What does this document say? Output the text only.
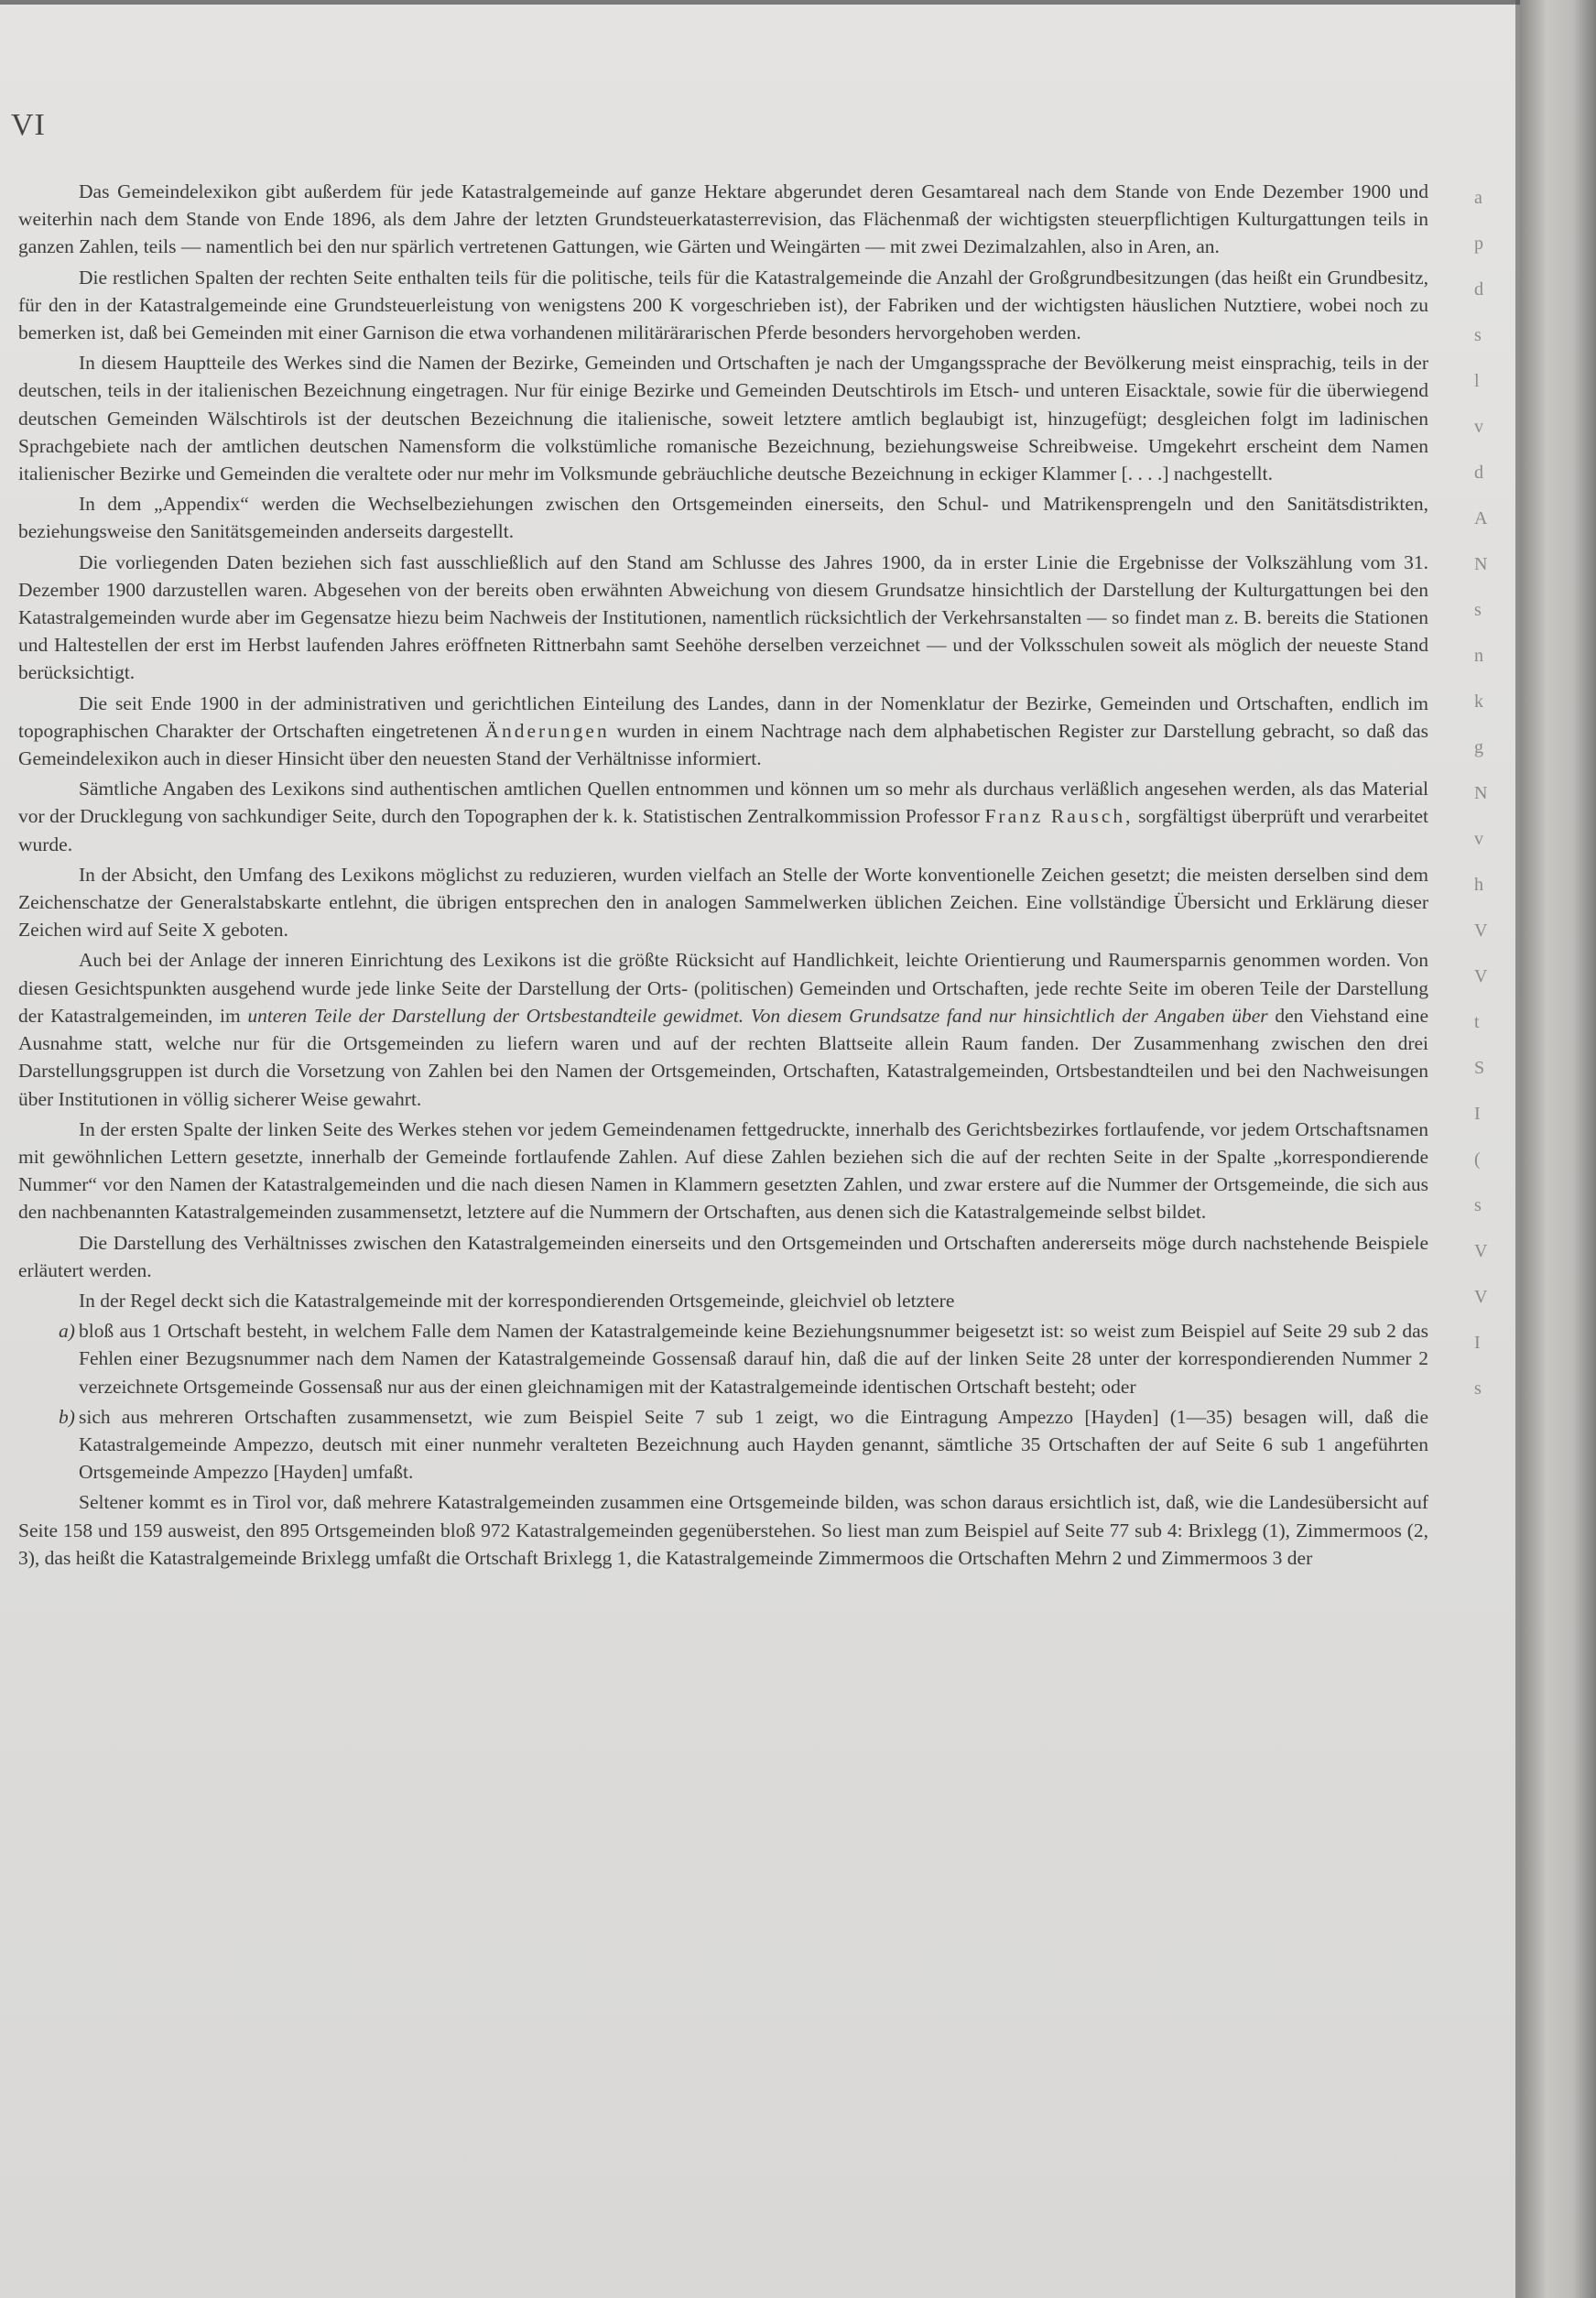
VI

Das Gemeindelexikon gibt außerdem für jede Katastralgemeinde auf ganze Hektare abgerundet deren Gesamtareal nach dem Stande von Ende Dezember 1900 und weiterhin nach dem Stande von Ende 1896, als dem Jahre der letzten Grundsteuerkatasterrevision, das Flächenmaß der wichtigsten steuerpflichtigen Kulturgattungen teils in ganzen Zahlen, teils — namentlich bei den nur spärlich vertretenen Gattungen, wie Gärten und Weingärten — mit zwei Dezimalzahlen, also in Aren, an.

Die restlichen Spalten der rechten Seite enthalten teils für die politische, teils für die Katastralgemeinde die Anzahl der Großgrundbesitzungen (das heißt ein Grundbesitz, für den in der Katastralgemeinde eine Grundsteuerleistung von wenigstens 200 K vorgeschrieben ist), der Fabriken und der wichtigsten häuslichen Nutztiere, wobei noch zu bemerken ist, daß bei Gemeinden mit einer Garnison die etwa vorhandenen militärärarischen Pferde besonders hervorgehoben werden.

In diesem Hauptteile des Werkes sind die Namen der Bezirke, Gemeinden und Ortschaften je nach der Umgangssprache der Bevölkerung meist einsprachig, teils in der deutschen, teils in der italienischen Bezeichnung eingetragen. Nur für einige Bezirke und Gemeinden Deutschtirols im Etsch- und unteren Eisacktale, sowie für die überwiegend deutschen Gemeinden Wälschtirols ist der deutschen Bezeichnung die italienische, soweit letztere amtlich beglaubigt ist, hinzugefügt; desgleichen folgt im ladinischen Sprachgebiete nach der amtlichen deutschen Namensform die volkstümliche romanische Bezeichnung, beziehungsweise Schreibweise. Umgekehrt erscheint dem Namen italienischer Bezirke und Gemeinden die veraltete oder nur mehr im Volksmunde gebräuchliche deutsche Bezeichnung in eckiger Klammer [. . . .] nachgestellt.

In dem „Appendix“ werden die Wechselbeziehungen zwischen den Ortsgemeinden einerseits, den Schul- und Matrikensprengeln und den Sanitätsdistrikten, beziehungsweise den Sanitätsgemeinden anderseits dargestellt.

Die vorliegenden Daten beziehen sich fast ausschließlich auf den Stand am Schlusse des Jahres 1900, da in erster Linie die Ergebnisse der Volkszählung vom 31. Dezember 1900 darzustellen waren. Abgesehen von der bereits oben erwähnten Abweichung von diesem Grundsatze hinsichtlich der Darstellung der Kulturgattungen bei den Katastralgemeinden wurde aber im Gegensatze hiezu beim Nachweis der Institutionen, namentlich rücksichtlich der Verkehrsanstalten — so findet man z. B. bereits die Stationen und Haltestellen der erst im Herbst laufenden Jahres eröffneten Rittnerbahn samt Seehöhe derselben verzeichnet — und der Volksschulen soweit als möglich der neueste Stand berücksichtigt.

Die seit Ende 1900 in der administrativen und gerichtlichen Einteilung des Landes, dann in der Nomenklatur der Bezirke, Gemeinden und Ortschaften, endlich im topographischen Charakter der Ortschaften eingetretenen Änderungen wurden in einem Nachtrage nach dem alphabetischen Register zur Darstellung gebracht, so daß das Gemeindelexikon auch in dieser Hinsicht über den neuesten Stand der Verhältnisse informiert.

Sämtliche Angaben des Lexikons sind authentischen amtlichen Quellen entnommen und können um so mehr als durchaus verläßlich angesehen werden, als das Material vor der Drucklegung von sachkundiger Seite, durch den Topographen der k. k. Statistischen Zentralkommission Professor Franz Rausch, sorgfältigst überprüft und verarbeitet wurde.

In der Absicht, den Umfang des Lexikons möglichst zu reduzieren, wurden vielfach an Stelle der Worte konventionelle Zeichen gesetzt; die meisten derselben sind dem Zeichenschatze der Generalstabskarte entlehnt, die übrigen entsprechen den in analogen Sammelwerken üblichen Zeichen. Eine vollständige Übersicht und Erklärung dieser Zeichen wird auf Seite X geboten.

Auch bei der Anlage der inneren Einrichtung des Lexikons ist die größte Rücksicht auf Handlichkeit, leichte Orientierung und Raumersparnis genommen worden. Von diesen Gesichtspunkten ausgehend wurde jede linke Seite der Darstellung der Orts- (politischen) Gemeinden und Ortschaften, jede rechte Seite im oberen Teile der Darstellung der Katastralgemeinden, im unteren Teile der Darstellung der Ortsbestandteile gewidmet. Von diesem Grundsatze fand nur hinsichtlich der Angaben über den Viehstand eine Ausnahme statt, welche nur für die Ortsgemeinden zu liefern waren und auf der rechten Blattseite allein Raum fanden. Der Zusammenhang zwischen den drei Darstellungsgruppen ist durch die Vorsetzung von Zahlen bei den Namen der Ortsgemeinden, Ortschaften, Katastralgemeinden, Ortsbestandteilen und bei den Nachweisungen über Institutionen in völlig sicherer Weise gewahrt.

In der ersten Spalte der linken Seite des Werkes stehen vor jedem Gemeindenamen fettgedruckte, innerhalb des Gerichtsbezirkes fortlaufende, vor jedem Ortschaftsnamen mit gewöhnlichen Lettern gesetzte, innerhalb der Gemeinde fortlaufende Zahlen. Auf diese Zahlen beziehen sich die auf der rechten Seite in der Spalte „korrespondierende Nummer“ vor den Namen der Katastralgemeinden und die nach diesen Namen in Klammern gesetzten Zahlen, und zwar erstere auf die Nummer der Ortsgemeinde, die sich aus den nachbenannten Katastralgemeinden zusammensetzt, letztere auf die Nummern der Ortschaften, aus denen sich die Katastralgemeinde selbst bildet.

Die Darstellung des Verhältnisses zwischen den Katastralgemeinden einerseits und den Ortsgemeinden und Ortschaften andererseits möge durch nachstehende Beispiele erläutert werden.

In der Regel deckt sich die Katastralgemeinde mit der korrespondierenden Ortsgemeinde, gleichviel ob letztere

a) bloß aus 1 Ortschaft besteht, in welchem Falle dem Namen der Katastralgemeinde keine Beziehungsnummer beigesetzt ist: so weist zum Beispiel auf Seite 29 sub 2 das Fehlen einer Bezugsnummer nach dem Namen der Katastralgemeinde Gossensaß darauf hin, daß die auf der linken Seite 28 unter der korrespondierenden Nummer 2 verzeichnete Ortsgemeinde Gossensaß nur aus der einen gleichnamigen mit der Katastralgemeinde identischen Ortschaft besteht; oder

b) sich aus mehreren Ortschaften zusammensetzt, wie zum Beispiel Seite 7 sub 1 zeigt, wo die Eintragung Ampezzo [Hayden] (1—35) besagen will, daß die Katastralgemeinde Ampezzo, deutsch mit einer nunmehr veralteten Bezeichnung auch Hayden genannt, sämtliche 35 Ortschaften der auf Seite 6 sub 1 angeführten Ortsgemeinde Ampezzo [Hayden] umfaßt.

Seltener kommt es in Tirol vor, daß mehrere Katastralgemeinden zusammen eine Ortsgemeinde bilden, was schon daraus ersichtlich ist, daß, wie die Landesübersicht auf Seite 158 und 159 ausweist, den 895 Ortsgemeinden bloß 972 Katastralgemeinden gegenüberstehen. So liest man zum Beispiel auf Seite 77 sub 4: Brixlegg (1), Zimmermoos (2, 3), das heißt die Katastralgemeinde Brixlegg umfaßt die Ortschaft Brixlegg 1, die Katastralgemeinde Zimmermoos die Ortschaften Mehrn 2 und Zimmermoos 3 der

a
p
d
s
l
v
d
A
N
s
n
k
g
N
v
h
V
V
t
S
I
(
s
V
V
I
s
